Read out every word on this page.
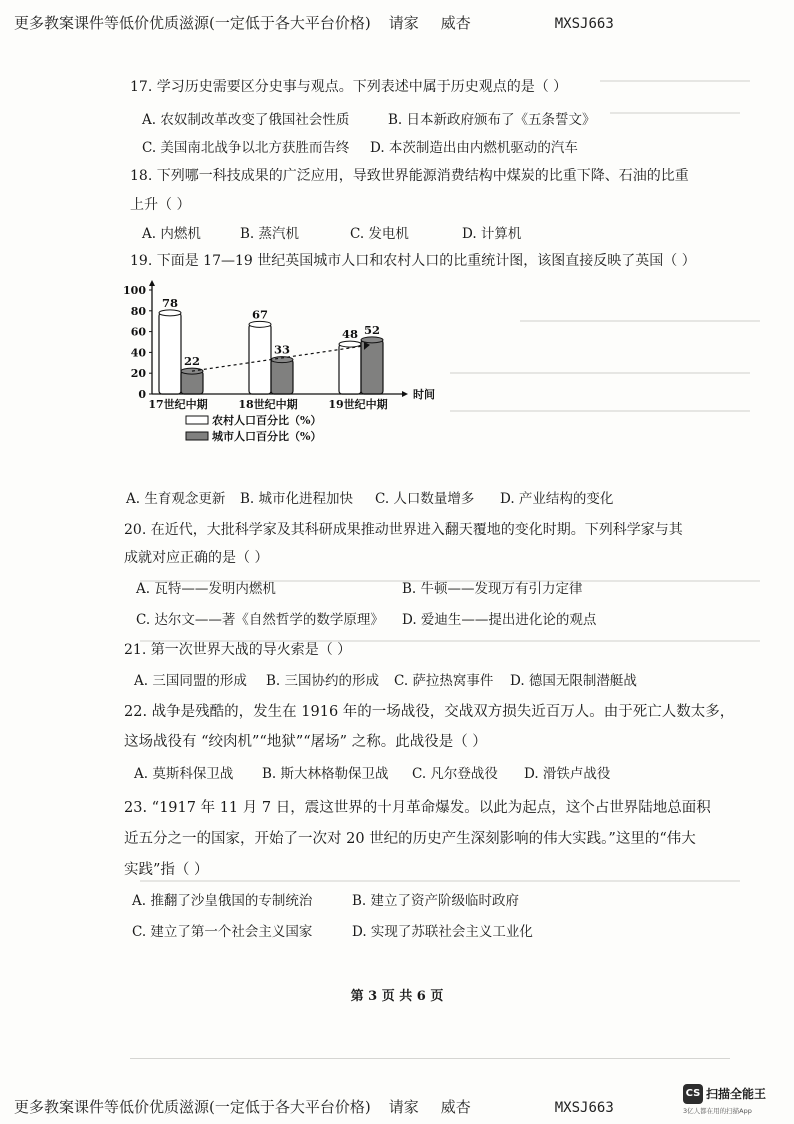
更多教案课件等低价优质滋源(一定低于各大平台价格) 请家 威杏	MXSJ663
17. 学习历史需要区分史事与观点。下列表述中属于历史观点的是（ ）
A. 农奴制改革改变了俄国社会性质	B. 日本新政府颁布了《五条誓文》
C. 美国南北战争以北方获胜而告终 D. 本茨制造出由内燃机驱动的汽车
18. 下列哪一科技成果的广泛应用，导致世界能源消费结构中煤炭的比重下降、石油的比重
上升（ ）
A. 内燃机	B. 蒸汽机	C. 发电机	D. 计算机
19. 下面是 17—19 世纪英国城市人口和农村人口的比重统计图，该图直接反映了英国（ ）
时间
100
80
60
40
20
0
78
22
17世纪中期
67
33
18世纪中期
48 52
19世纪中期
农村人口百分比（%）
城市人口百分比（%）
A. 生育观念更新 B. 城市化进程加快 C. 人口数量增多 D. 产业结构的变化
20. 在近代，大批科学家及其科研成果推动世界进入翻天覆地的变化时期。下列科学家与其
成就对应正确的是（ ）
A. 瓦特——发明内燃机	B. 牛顿——发现万有引力定律
C. 达尔文——著《自然哲学的数学原理》 D. 爱迪生——提出进化论的观点
21. 第一次世界大战的导火索是（ ）
A. 三国同盟的形成 B. 三国协约的形成 C. 萨拉热窝事件 D. 德国无限制潜艇战
22. 战争是残酷的，发生在 1916 年的一场战役，交战双方损失近百万人。由于死亡人数太多，
这场战役有 “绞肉机”“地狱”“屠场” 之称。此战役是（ ）
A. 莫斯科保卫战 B. 斯大林格勒保卫战 C. 凡尔登战役 D. 滑铁卢战役
23. “1917 年 11 月 7 日，震这世界的十月革命爆发。以此为起点，这个占世界陆地总面积
近五分之一的国家，开始了一次对 20 世纪的历史产生深刻影响的伟大实践。”这里的“伟大
实践”指（ ）
A. 推翻了沙皇俄国的专制统治	B. 建立了资产阶级临时政府
C. 建立了第一个社会主义国家	D. 实现了苏联社会主义工业化
第 3 页 共 6 页
更多教案课件等低价优质滋源(一定低于各大平台价格) 请家 威杏	MXSJ663
CS 扫描全能王
3亿人都在用的扫描App
